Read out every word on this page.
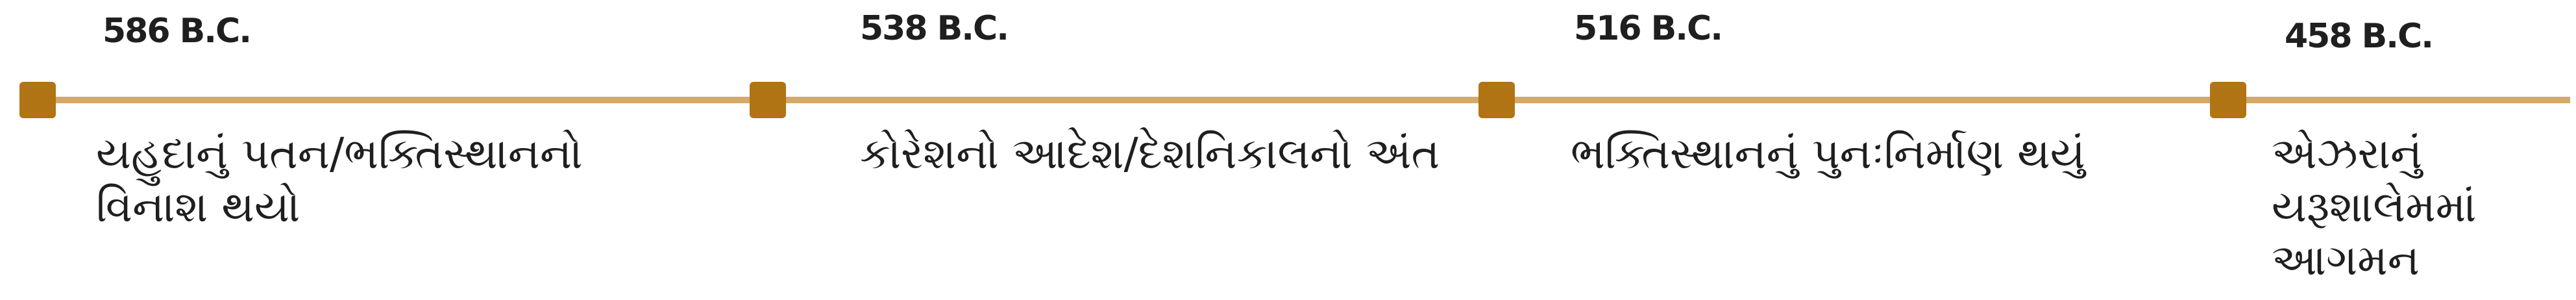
586 B.C.
યહુદાનું પતન/ભક્તિસ્થાનનો વિનાશ થયો
538 B.C.
કોરેશનો આદેશ/દેશનિકાલનો અંત
516 B.C.
ભક્તિસ્થાનનું પુનઃનિર્માણ થયું
458 B.C.
એઝરાનું યરૂશાલેમમાં આગમન
